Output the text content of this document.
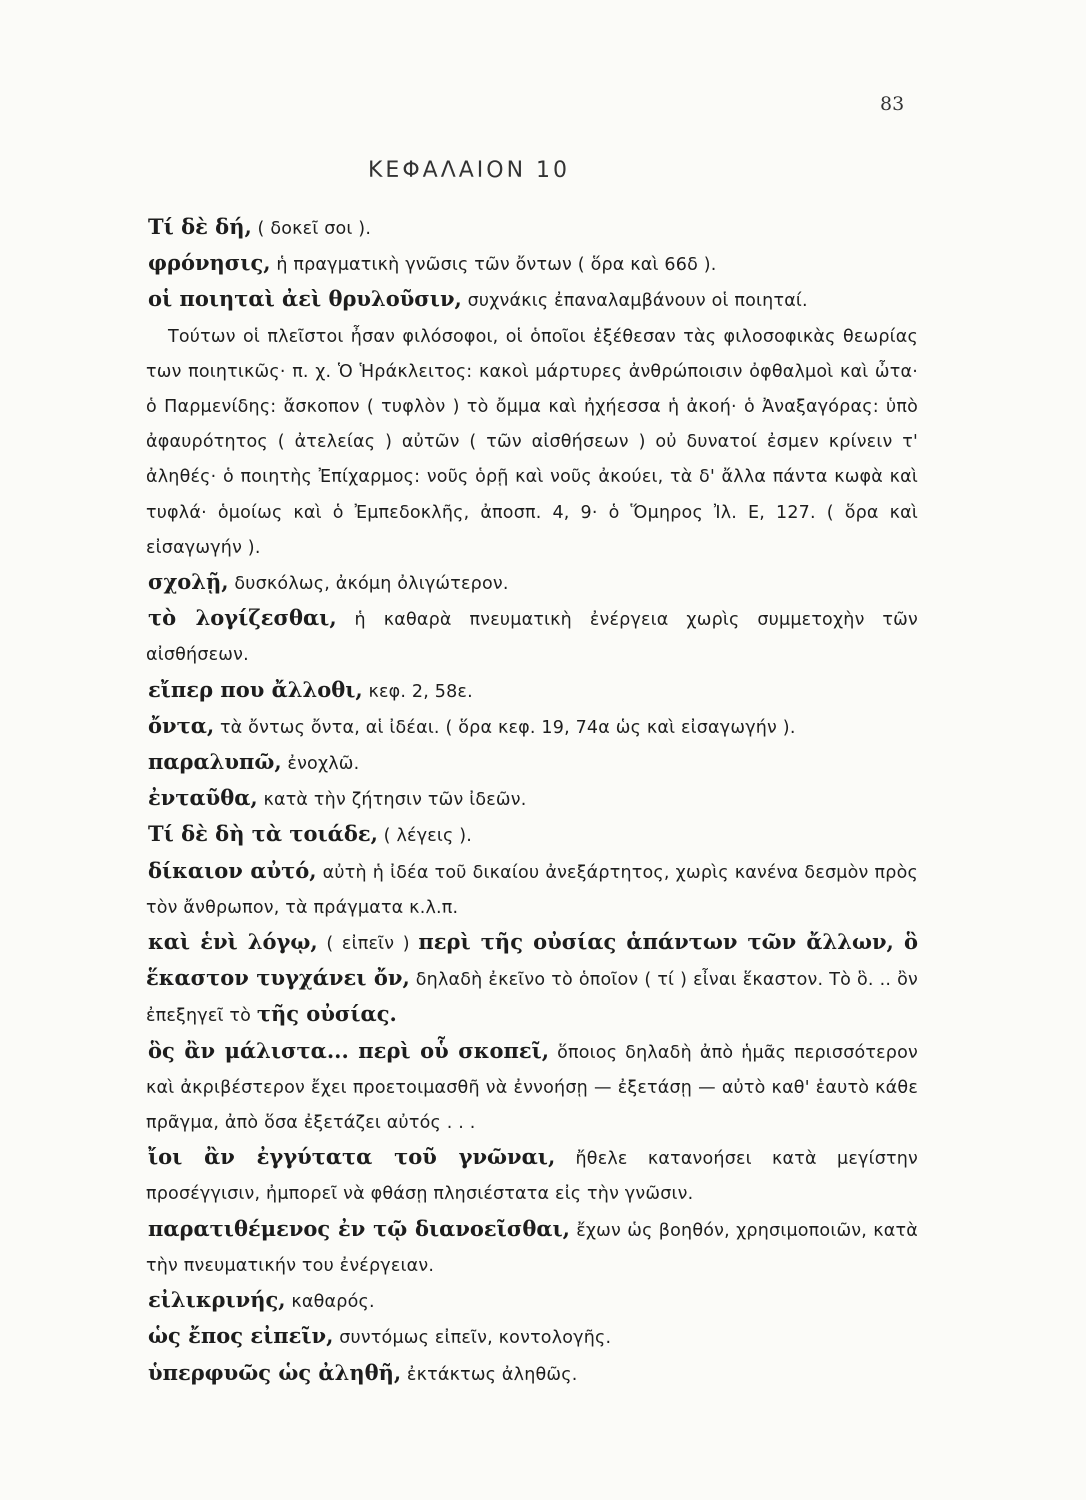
83
ΚΕΦΑΛΑΙΟΝ 10

Τί δὲ δή, ( δοκεῖ σοι ).

φρόνησις, ἡ πραγματικὴ γνῶσις τῶν ὄντων ( ὅρα καὶ 66δ ).

οἱ ποιηταὶ ἀεὶ θρυλοῦσιν, συχνάκις ἐπαναλαμβάνουν οἱ ποιηταί.

Τούτων οἱ πλεῖστοι ἦσαν φιλόσοφοι, οἱ ὁποῖοι ἐξέθεσαν τὰς φιλοσοφικὰς θεωρίας των ποιητικῶς· π. χ. Ὁ Ἡράκλειτος: κακοὶ μάρτυρες ἀνθρώποισιν ὀφθαλμοὶ καὶ ὦτα· ὁ Παρμενίδης: ἄσκοπον ( τυφλὸν ) τὸ ὄμμα καὶ ἠχήεσσα ἡ ἀκοή· ὁ Ἀναξαγόρας: ὑπὸ ἀφαυρότητος ( ἀτελείας ) αὐτῶν ( τῶν αἰσθήσεων ) οὐ δυνατοί ἐσμεν κρίνειν τ' ἀληθές· ὁ ποιητὴς Ἐπίχαρμος: νοῦς ὁρῇ καὶ νοῦς ἀκούει, τὰ δ' ἄλλα πάντα κωφὰ καὶ τυφλά· ὁμοίως καὶ ὁ Ἐμπεδοκλῆς, ἀποσπ. 4, 9· ὁ Ὅμηρος Ἰλ. Ε, 127. ( ὅρα καὶ εἰσαγωγήν ).

σχολῇ, δυσκόλως, ἀκόμη ὀλιγώτερον.

τὸ λογίζεσθαι, ἡ καθαρὰ πνευματικὴ ἐνέργεια χωρὶς συμμετοχὴν τῶν αἰσθήσεων.

εἴπερ που ἄλλοθι, κεφ. 2, 58ε.

ὄντα, τὰ ὄντως ὄντα, αἱ ἰδέαι. ( ὅρα κεφ. 19, 74α ὡς καὶ εἰσαγωγήν ).

παραλυπῶ, ἐνοχλῶ.

ἐνταῦθα, κατὰ τὴν ζήτησιν τῶν ἰδεῶν.

Τί δὲ δὴ τὰ τοιάδε, ( λέγεις ).

δίκαιον αὐτό, αὐτὴ ἡ ἰδέα τοῦ δικαίου ἀνεξάρτητος, χωρὶς κανένα δεσμὸν πρὸς τὸν ἄνθρωπον, τὰ πράγματα κ.λ.π.

καὶ ἑνὶ λόγῳ, ( εἰπεῖν ) περὶ τῆς οὐσίας ἁπάντων τῶν ἄλλων, ὃ ἕκαστον τυγχάνει ὄν, δηλαδὴ ἐκεῖνο τὸ ὁποῖον ( τί ) εἶναι ἕκαστον. Τὸ ὃ. .. ὂν ἐπεξηγεῖ τὸ τῆς οὐσίας.

ὃς ἂν μάλιστα... περὶ οὗ σκοπεῖ, ὅποιος δηλαδὴ ἀπὸ ἡμᾶς περισσότερον καὶ ἀκριβέστερον ἔχει προετοιμασθῆ νὰ ἐννοήσῃ — ἐξετάσῃ — αὐτὸ καθ' ἑαυτὸ κάθε πρᾶγμα, ἀπὸ ὅσα ἐξετάζει αὐτός . . .

ἴοι ἂν ἐγγύτατα τοῦ γνῶναι, ἤθελε κατανοήσει κατὰ μεγίστην προσέγγισιν, ἠμπορεῖ νὰ φθάσῃ πλησιέστατα εἰς τὴν γνῶσιν.

παρατιθέμενος ἐν τῷ διανοεῖσθαι, ἔχων ὡς βοηθόν, χρησιμοποιῶν, κατὰ τὴν πνευματικήν του ἐνέργειαν.

εἰλικρινής, καθαρός.

ὡς ἔπος εἰπεῖν, συντόμως εἰπεῖν, κοντολογῆς.

ὑπερφυῶς ὡς ἀληθῆ, ἐκτάκτως ἀληθῶς.
